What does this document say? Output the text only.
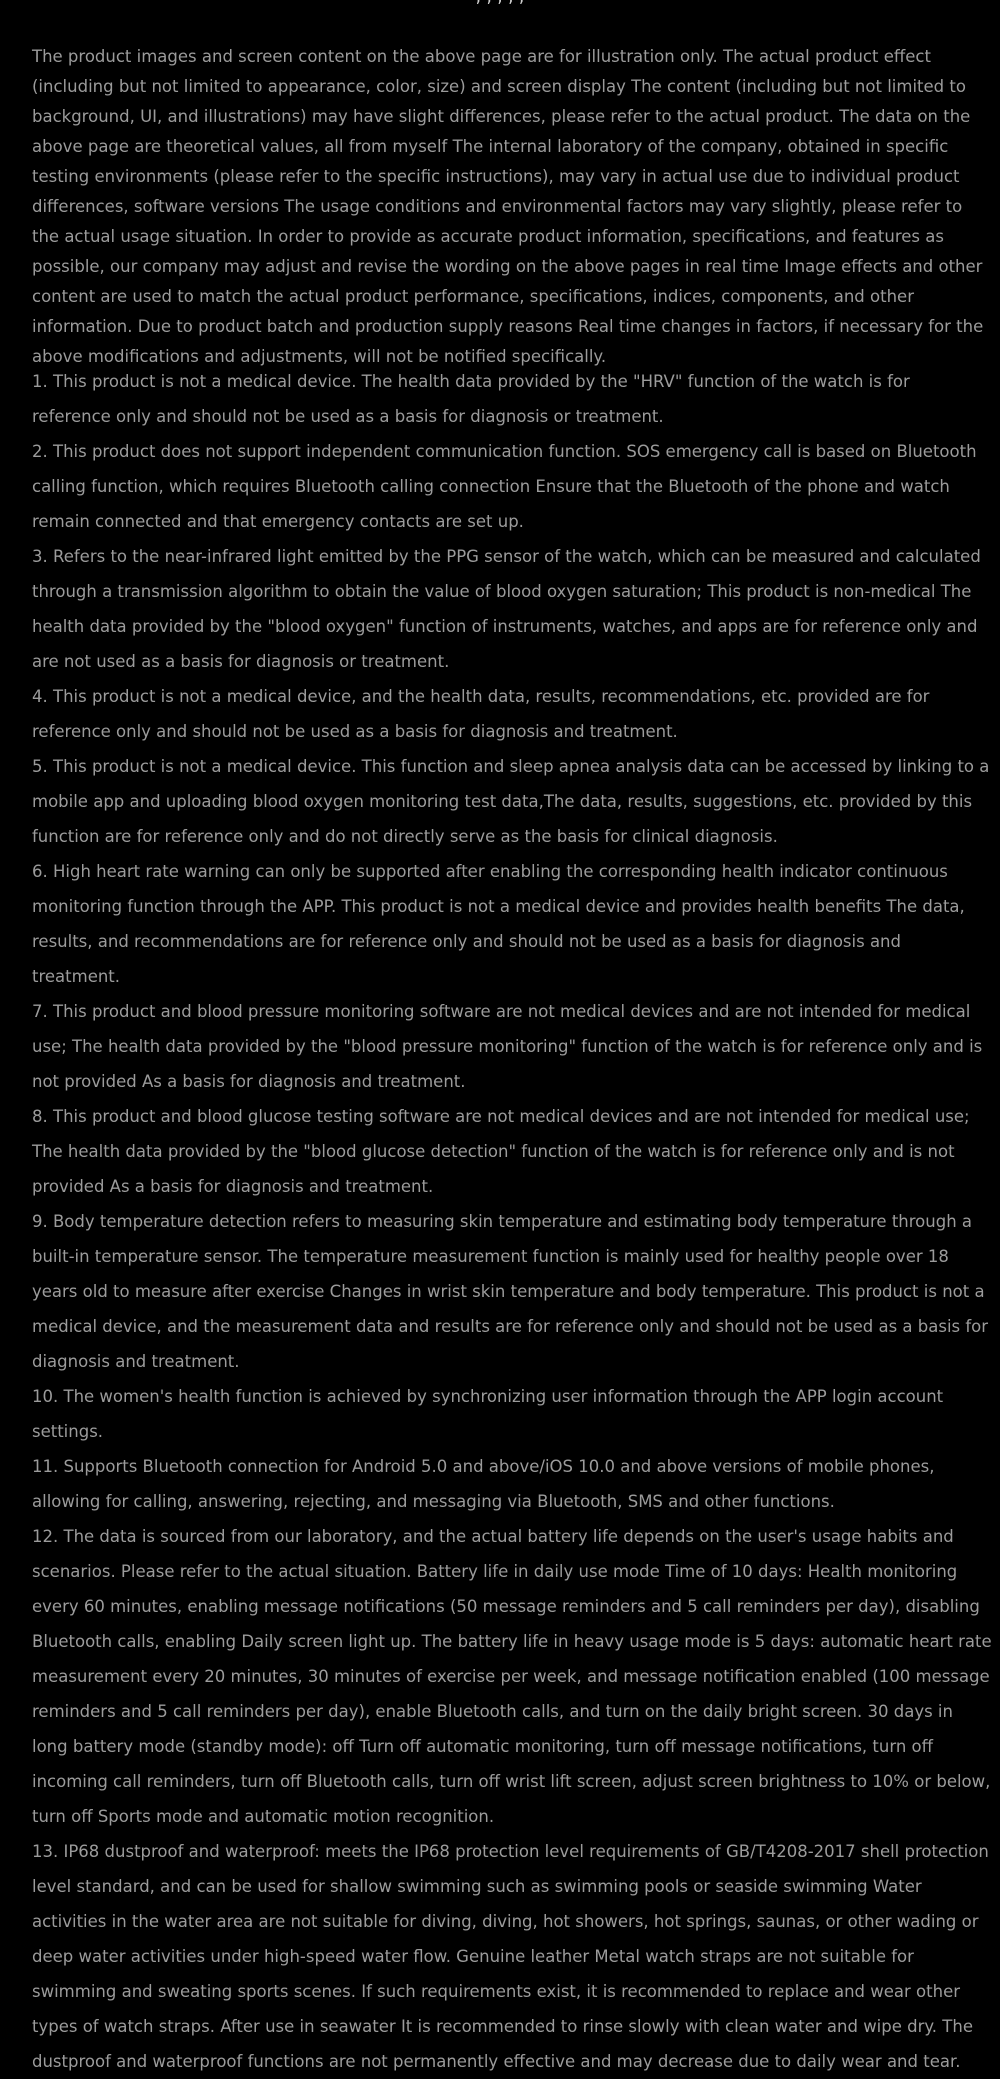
The product images and screen content on the above page are for illustration only. The actual product effect (including but not limited to appearance, color, size) and screen display The content (including but not limited to background, UI, and illustrations) may have slight differences, please refer to the actual product. The data on the above page are theoretical values, all from myself The internal laboratory of the company, obtained in specific testing environments (please refer to the specific instructions), may vary in actual use due to individual product differences, software versions The usage conditions and environmental factors may vary slightly, please refer to the actual usage situation. In order to provide as accurate product information, specifications, and features as possible, our company may adjust and revise the wording on the above pages in real time Image effects and other content are used to match the actual product performance, specifications, indices, components, and other information. Due to product batch and production supply reasons Real time changes in factors, if necessary for the above modifications and adjustments, will not be notified specifically.

1. This product is not a medical device. The health data provided by the "HRV" function of the watch is for reference only and should not be used as a basis for diagnosis or treatment.
2. This product does not support independent communication function. SOS emergency call is based on Bluetooth calling function, which requires Bluetooth calling connection Ensure that the Bluetooth of the phone and watch remain connected and that emergency contacts are set up.
3. Refers to the near-infrared light emitted by the PPG sensor of the watch, which can be measured and calculated through a transmission algorithm to obtain the value of blood oxygen saturation; This product is non-medical The health data provided by the "blood oxygen" function of instruments, watches, and apps are for reference only and are not used as a basis for diagnosis or treatment.
4. This product is not a medical device, and the health data, results, recommendations, etc. provided are for reference only and should not be used as a basis for diagnosis and treatment.
5. This product is not a medical device. This function and sleep apnea analysis data can be accessed by linking to a mobile app and uploading blood oxygen monitoring test data,The data, results, suggestions, etc. provided by this function are for reference only and do not directly serve as the basis for clinical diagnosis.
6. High heart rate warning can only be supported after enabling the corresponding health indicator continuous monitoring function through the APP. This product is not a medical device and provides health benefits The data, results, and recommendations are for reference only and should not be used as a basis for diagnosis and treatment.
7. This product and blood pressure monitoring software are not medical devices and are not intended for medical use; The health data provided by the "blood pressure monitoring" function of the watch is for reference only and is not provided As a basis for diagnosis and treatment.
8. This product and blood glucose testing software are not medical devices and are not intended for medical use; The health data provided by the "blood glucose detection" function of the watch is for reference only and is not provided As a basis for diagnosis and treatment.
9. Body temperature detection refers to measuring skin temperature and estimating body temperature through a built-in temperature sensor. The temperature measurement function is mainly used for healthy people over 18 years old to measure after exercise Changes in wrist skin temperature and body temperature. This product is not a medical device, and the measurement data and results are for reference only and should not be used as a basis for diagnosis and treatment.
10. The women's health function is achieved by synchronizing user information through the APP login account settings.
11. Supports Bluetooth connection for Android 5.0 and above/iOS 10.0 and above versions of mobile phones, allowing for calling, answering, rejecting, and messaging via Bluetooth, SMS and other functions.
12. The data is sourced from our laboratory, and the actual battery life depends on the user's usage habits and scenarios. Please refer to the actual situation. Battery life in daily use mode Time of 10 days: Health monitoring every 60 minutes, enabling message notifications (50 message reminders and 5 call reminders per day), disabling Bluetooth calls, enabling Daily screen light up. The battery life in heavy usage mode is 5 days: automatic heart rate measurement every 20 minutes, 30 minutes of exercise per week, and message notification enabled (100 message reminders and 5 call reminders per day), enable Bluetooth calls, and turn on the daily bright screen. 30 days in long battery mode (standby mode): off Turn off automatic monitoring, turn off message notifications, turn off incoming call reminders, turn off Bluetooth calls, turn off wrist lift screen, adjust screen brightness to 10% or below, turn off Sports mode and automatic motion recognition.
13. IP68 dustproof and waterproof: meets the IP68 protection level requirements of GB/T4208-2017 shell protection level standard, and can be used for shallow swimming such as swimming pools or seaside swimming Water activities in the water area are not suitable for diving, diving, hot showers, hot springs, saunas, or other wading or deep water activities under high-speed water flow. Genuine leather Metal watch straps are not suitable for swimming and sweating sports scenes. If such requirements exist, it is recommended to replace and wear other types of watch straps. After use in seawater It is recommended to rinse slowly with clean water and wipe dry. The dustproof and waterproof functions are not permanently effective and may decrease due to daily wear and tear.
